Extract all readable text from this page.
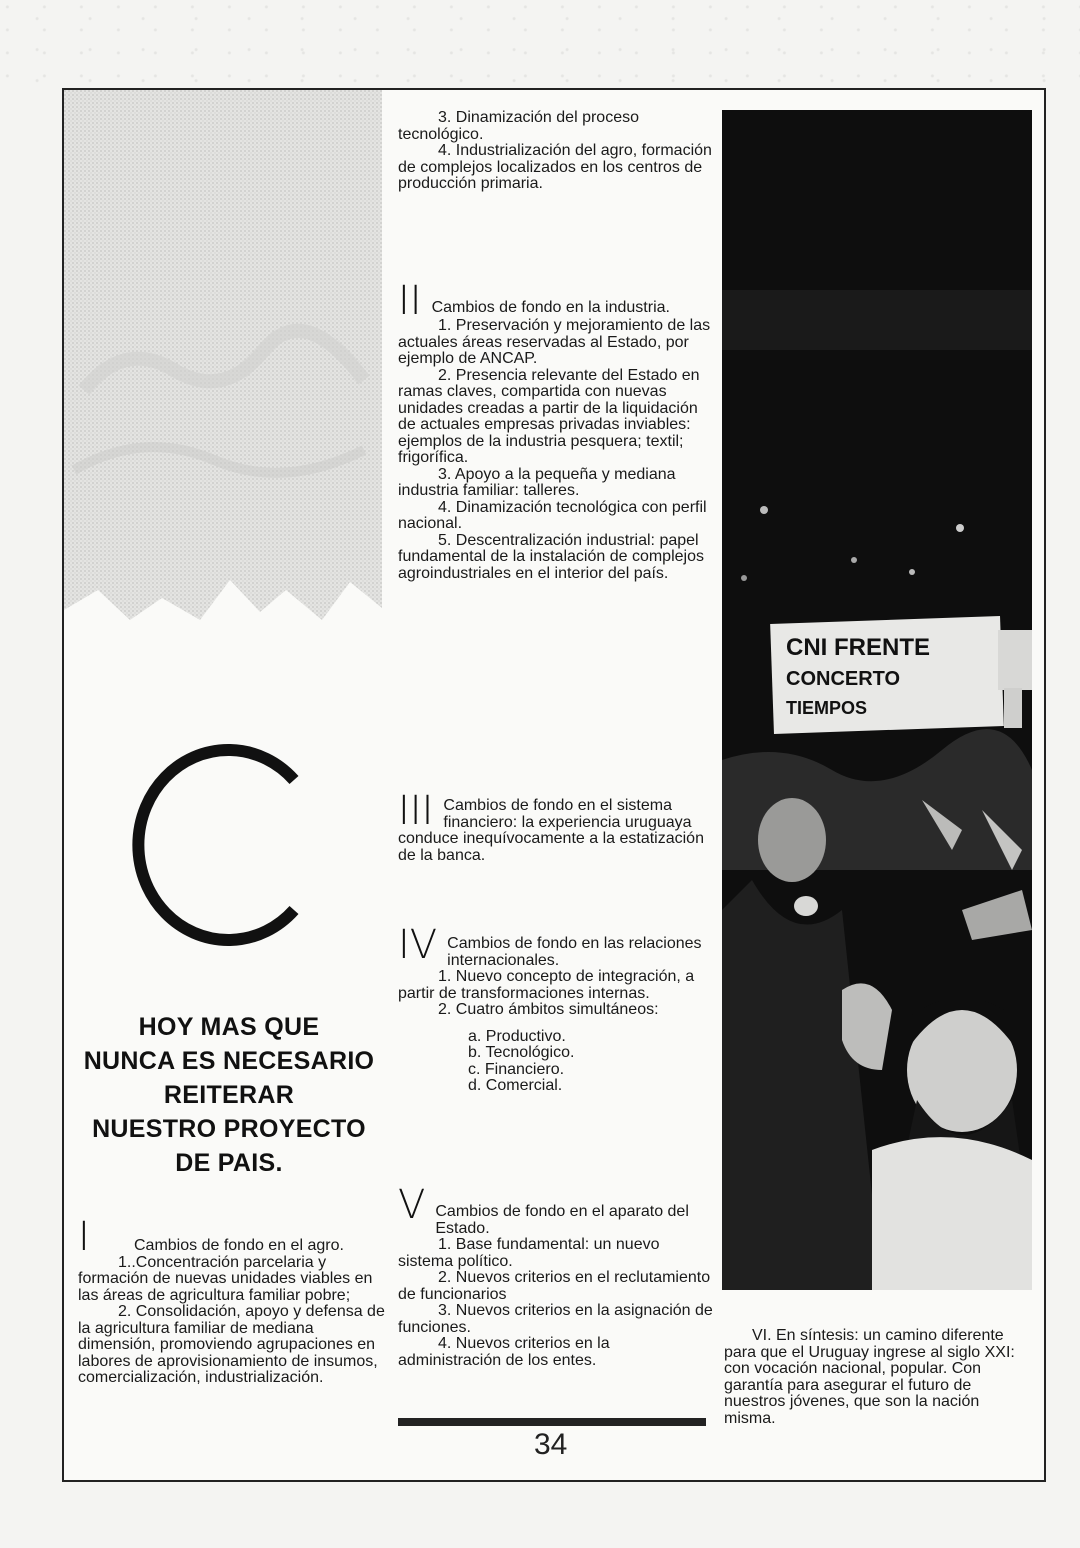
HOY MAS QUE
NUNCA ES NECESARIO
REITERAR
NUESTRO PROYECTO
DE PAIS.
I	Cambios de fondo en el agro.

1..Concentración parcelaria y formación de nuevas unidades viables en las áreas de agricultura familiar pobre;

2. Consolidación, apoyo y defensa de la agricultura familiar de mediana dimensión, promoviendo agrupaciones en labores de aprovisionamiento de insumos, comercialización, industrialización.

3. Dinamización del proceso tecnológico.

4. Industrialización del agro, formación de complejos localizados en los centros de producción primaria.

II Cambios de fondo en la industria.

1. Preservación y mejoramiento de las actuales áreas reservadas al Estado, por ejemplo de ANCAP.

2. Presencia relevante del Estado en ramas claves, compartida con nuevas unidades creadas a partir de la liquidación de actuales empresas privadas inviables: ejemplos de la industria pesquera; textil; frigorífica.

3. Apoyo a la pequeña y mediana industria familiar: talleres.

4. Dinamización tecnológica con perfil nacional.

5. Descentralización industrial: papel fundamental de la instalación de complejos agroindustriales en el interior del país.

III Cambios de fondo en el sistema financiero: la experiencia uruguaya conduce inequívocamente a la estatización de la banca.

IV Cambios de fondo en las relaciones internacionales.

1. Nuevo concepto de integración, a partir de transformaciones internas.

2. Cuatro ámbitos simultáneos:

a. Productivo.

b. Tecnológico.

c. Financiero.

d. Comercial.

V Cambios de fondo en el aparato del Estado.

1. Base fundamental: un nuevo sistema político.

2. Nuevos criterios en el reclutamiento de funcionarios

3. Nuevos criterios en la asignación de funciones.

4. Nuevos criterios en la administración de los entes.

34
CNI FRENTE
CONCERTO
TIEMPOS

VI. En síntesis: un camino diferente para que el Uruguay ingrese al siglo XXI: con vocación nacional, popular. Con garantía para asegurar el futuro de nuestros jóvenes, que son la nación misma.
